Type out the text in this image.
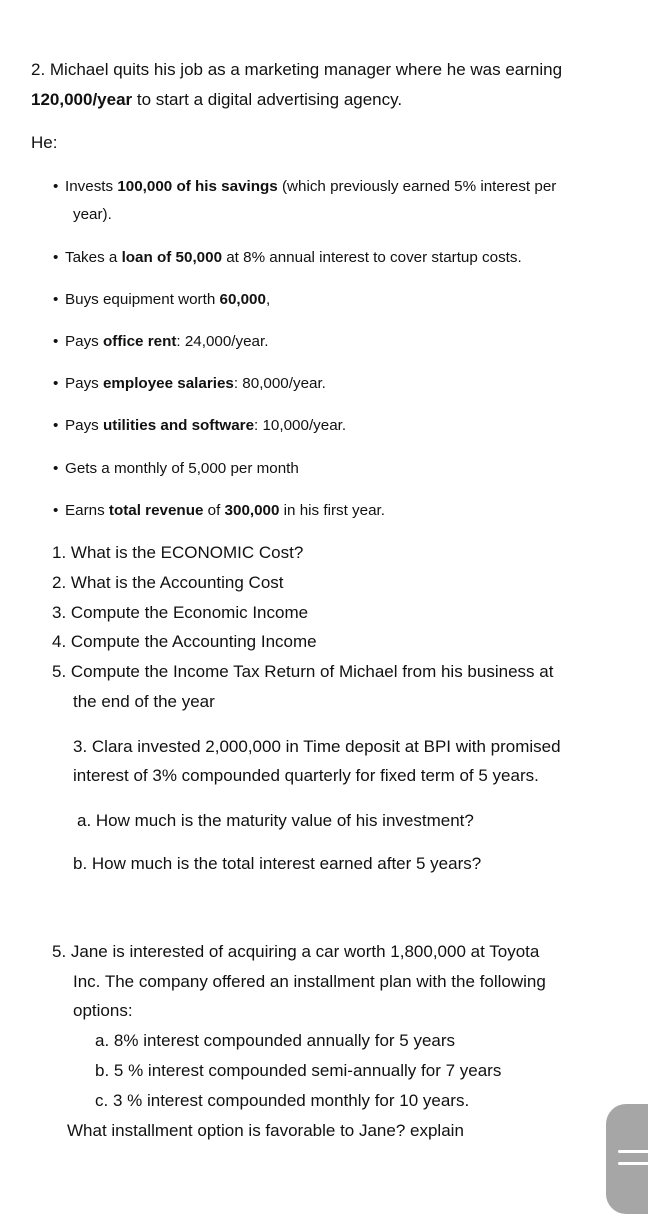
2. Michael quits his job as a marketing manager where he was earning
120,000/year to start a digital advertising agency.
He:
• Invests 100,000 of his savings (which previously earned 5% interest per
year).
• Takes a loan of 50,000 at 8% annual interest to cover startup costs.
• Buys equipment worth 60,000,
• Pays office rent: 24,000/year.
• Pays employee salaries: 80,000/year.
• Pays utilities and software: 10,000/year.
• Gets a monthly of 5,000 per month
• Earns total revenue of 300,000 in his first year.
1. What is the ECONOMIC Cost?
2. What is the Accounting Cost
3. Compute the Economic Income
4. Compute the Accounting Income
5. Compute the Income Tax Return of Michael from his business at
the end of the year
3. Clara invested 2,000,000 in Time deposit at BPI with promised
interest of 3% compounded quarterly for fixed term of 5 years.
a. How much is the maturity value of his investment?
b. How much is the total interest earned after 5 years?
5. Jane is interested of acquiring a car worth 1,800,000 at Toyota
Inc. The company offered an installment plan with the following
options:
a. 8% interest compounded annually for 5 years
b. 5 % interest compounded semi-annually for 7 years
c. 3 % interest compounded monthly for 10 years.
What installment option is favorable to Jane? explain
